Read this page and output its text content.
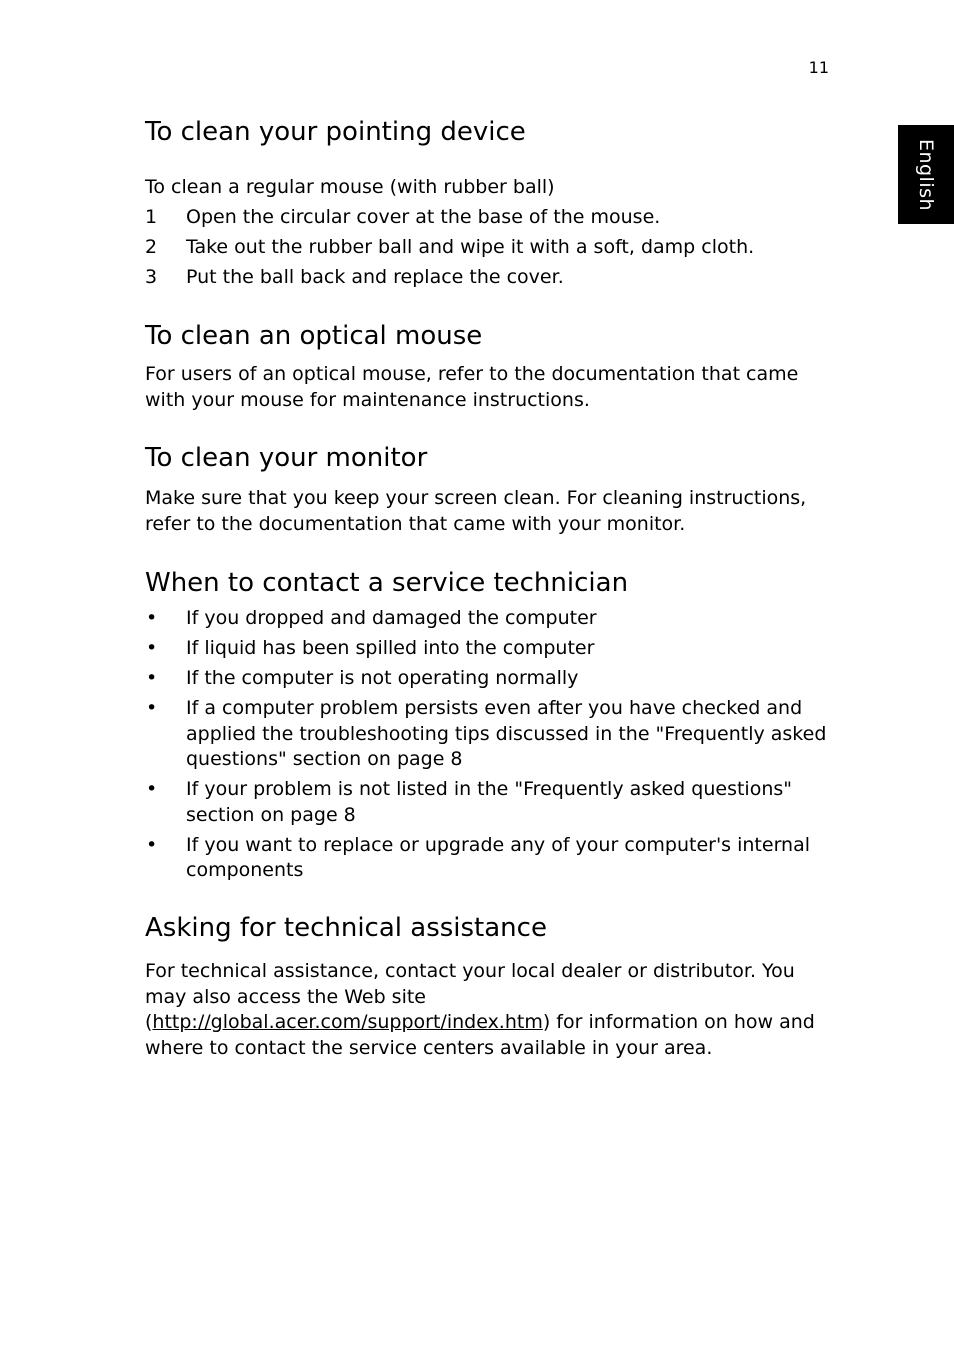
11
English
To clean your pointing device

To clean a regular mouse (with rubber ball)

1 Open the circular cover at the base of the mouse.
2 Take out the rubber ball and wipe it with a soft, damp cloth.
3 Put the ball back and replace the cover.
To clean an optical mouse

For users of an optical mouse, refer to the documentation that came with your mouse for maintenance instructions.

To clean your monitor

Make sure that you keep your screen clean. For cleaning instructions, refer to the documentation that came with your monitor.

When to contact a service technician
• If you dropped and damaged the computer
• If liquid has been spilled into the computer
• If the computer is not operating normally
• If a computer problem persists even after you have checked and applied the troubleshooting tips discussed in the "Frequently asked questions" section on page 8
• If your problem is not listed in the "Frequently asked questions" section on page 8
• If you want to replace or upgrade any of your computer's internal components
Asking for technical assistance

For technical assistance, contact your local dealer or distributor. You may also access the Web site (http://global.acer.com/support/index.htm) for information on how and where to contact the service centers available in your area.
